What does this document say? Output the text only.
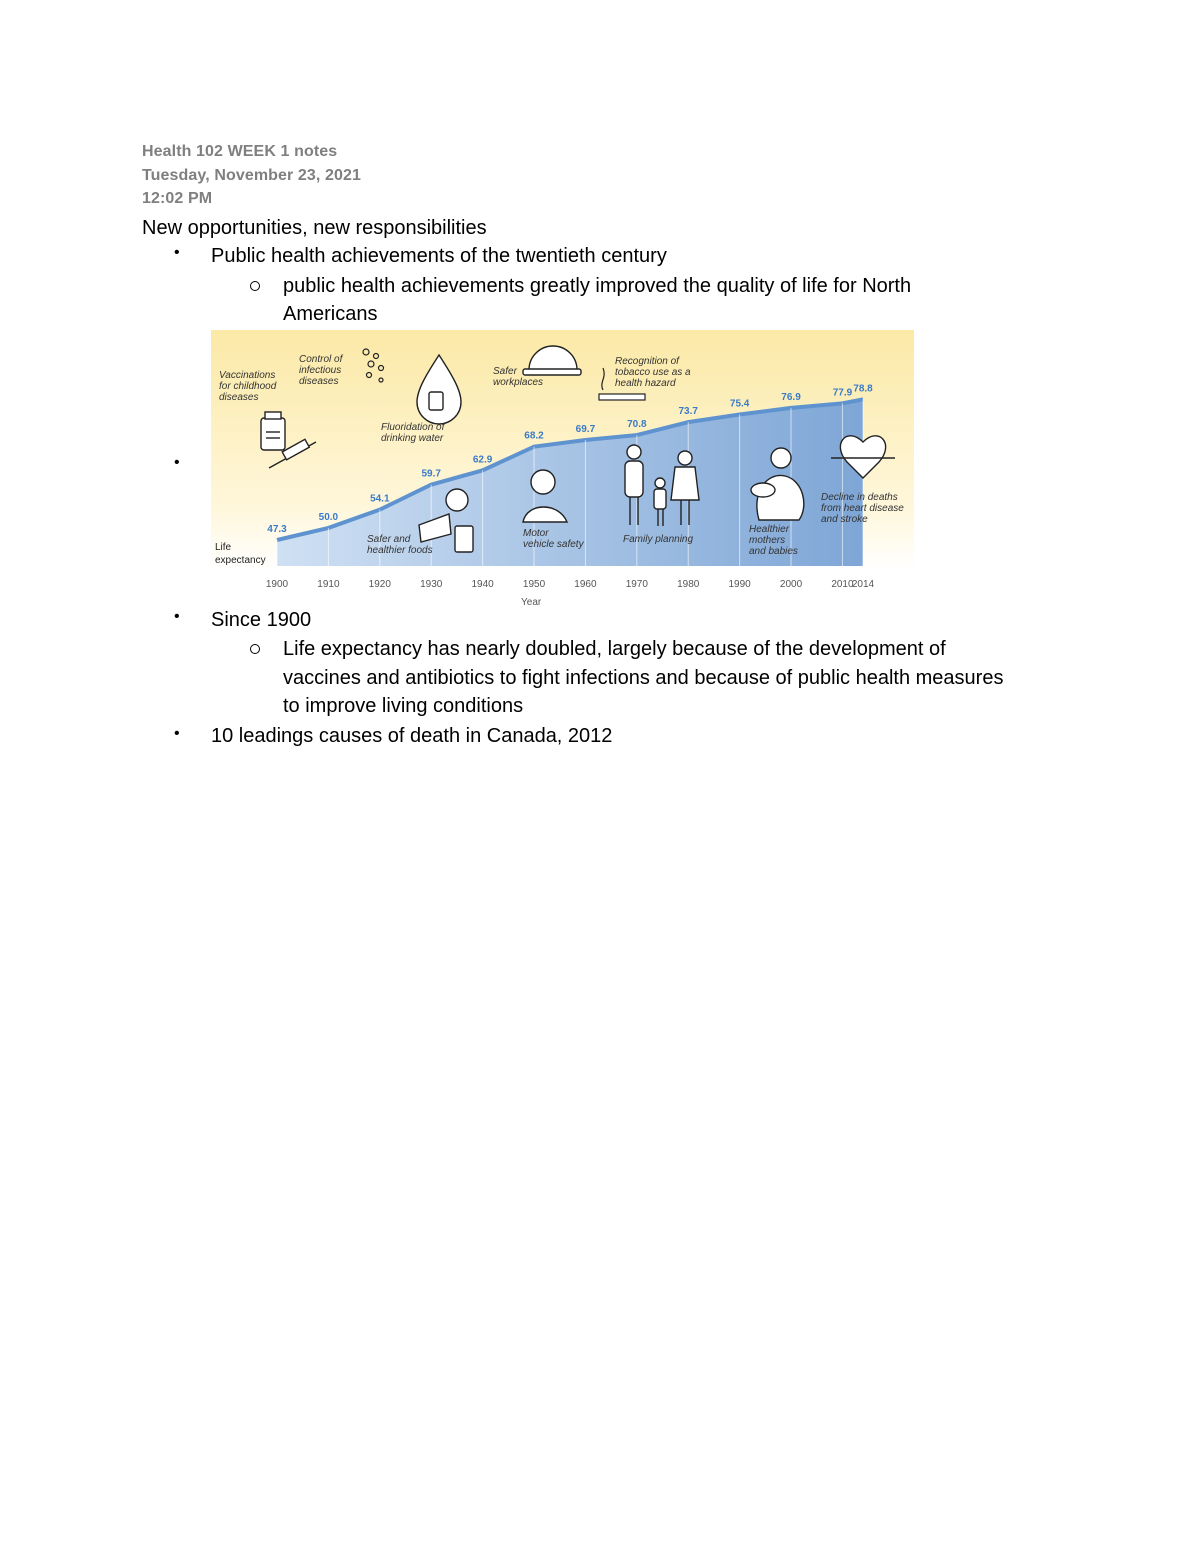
Health 102 WEEK 1 notes
Tuesday, November 23, 2021
12:02 PM
New opportunities, new responsibilities
• Public health achievements of the twentieth century
public health achievements greatly improved the quality of life for North
Americans
•
47.3
50.0
54.1
59.7
62.9
68.2
69.7	70.8
73.7
75.4
76.9	77.9 78.8
1900	1910	1920	1930	1940	1950	1960	1970	1980	1990	2000	2010
2014
Vaccinations for childhood diseases
Control of infectious diseases
Fluoridation of drinking water
Safer workplaces
Recognition of tobacco use as a health hazard
Safer and healthier foods
Motor vehicle safety	Family planning
Healthier mothers and babies
Decline in deaths from heart disease and stroke
Life
expectancy
Year
• Since 1900
Life expectancy has nearly doubled, largely because of the development of
vaccines and antibiotics to fight infections and because of public health measures
to improve living conditions
• 10 leadings causes of death in Canada, 2012
